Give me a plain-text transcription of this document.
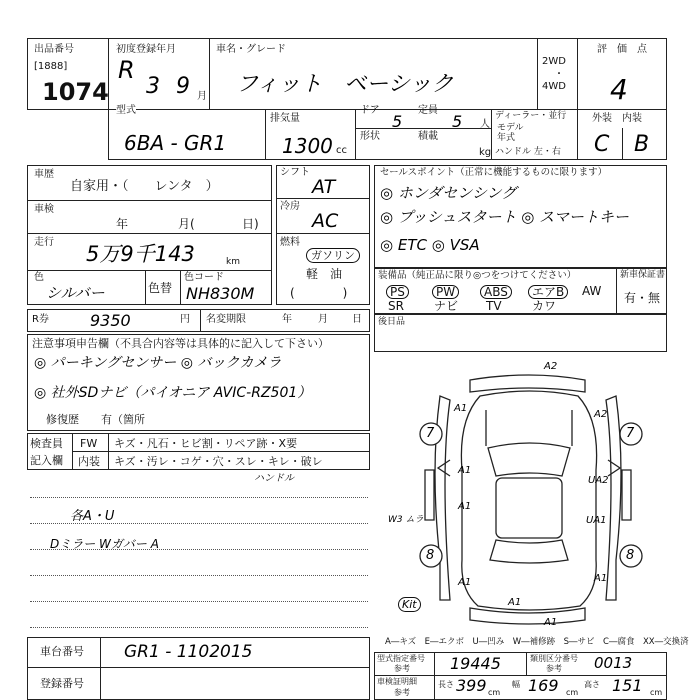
出品番号
[1888]
1074
初度登録年月
R
3 9 月
車名・グレード
フィット　ベーシック
2WD
・
4WD
評　価　点
4
型式
6BA - GR1
排気量
1300 cc
ドア
5
定員
5 人
形状	積載
kg
ディーラー・並行
モデル
年式
ハンドル 左・右
外装　内装
C B
車歴
自家用・（　　レンタ　）
車検
年	月(	日)
走行 5万9千143	km
色
シルバー	色替
色コード
NH830M
シフト
AT
冷房
AC
燃料
ガソリン
軽　油
(　　　　)
セールスポイント（正常に機能するものに限ります）
◎ ホンダセンシング
◎ プッシュスタート ◎ スマートキー
◎ ETC ◎ VSA
装備品（純正品に限り◎つをつけてください）	新車保証書
有・無
PS	PW	ABS	エアB	AW
SR	ナビ TV	カワ
後日品
R券	9350	円 名変期限	年	月 日
注意事項申告欄（不具合内容等は具体的に記入して下さい）
◎ パーキングセンサー ◎ バックカメラ
◎ 社外SDナビ（パイオニア AVIC-RZ501）
修復歴　　有（箇所
検査員
記入欄
FW キズ・凡石・ヒビ割・リペア跡・X要
内装 キズ・汚レ・コゲ・穴・スレ・キレ・破レ
ハンドル
各A・U
Dミラー Wガバー A
A2
A1
A2
7	7
A1
UA2
A1
UA1
8	8
A1	A1
A1
Kit
A1
W3 ムラ
A―キズ　E―エクボ　U―凹み　W―補修跡　S―サビ　C―腐食　XX―交換済
車台番号 GR1 - 1102015
登録番号
型式指定番号
参考	19445	類別区分番号
参考 0013
車検証明細
参考
長さ 399 cm
幅 169 cm
高さ 151 cm
